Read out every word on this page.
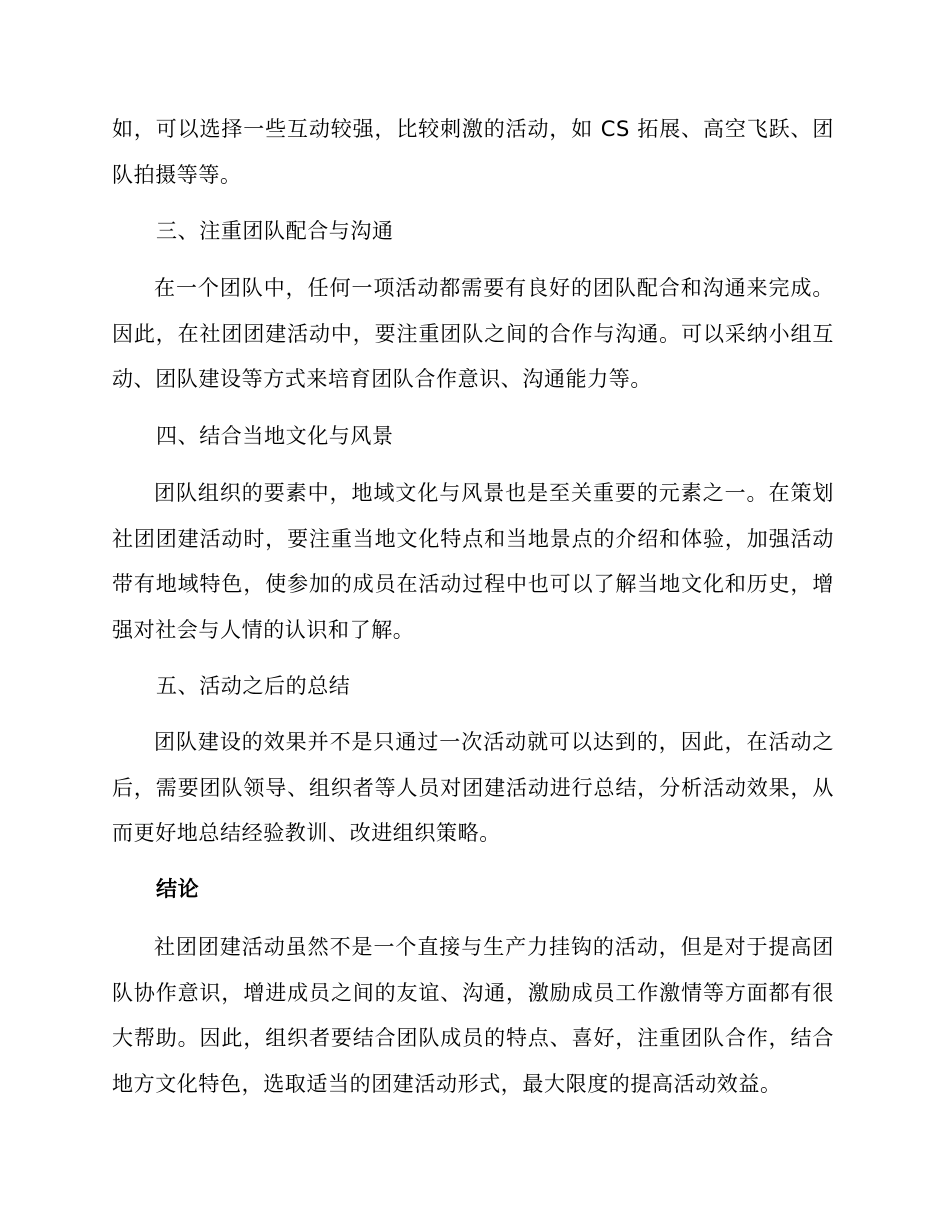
如，可以选择一些互动较强，比较刺激的活动，如 CS 拓展、高空飞跃、团队拍摄等等。

三、注重团队配合与沟通

在一个团队中，任何一项活动都需要有良好的团队配合和沟通来完成。因此，在社团团建活动中，要注重团队之间的合作与沟通。可以采纳小组互动、团队建设等方式来培育团队合作意识、沟通能力等。

四、结合当地文化与风景

团队组织的要素中，地域文化与风景也是至关重要的元素之一。在策划社团团建活动时，要注重当地文化特点和当地景点的介绍和体验，加强活动带有地域特色，使参加的成员在活动过程中也可以了解当地文化和历史，增强对社会与人情的认识和了解。

五、活动之后的总结

团队建设的效果并不是只通过一次活动就可以达到的，因此，在活动之后，需要团队领导、组织者等人员对团建活动进行总结，分析活动效果，从而更好地总结经验教训、改进组织策略。

结论

社团团建活动虽然不是一个直接与生产力挂钩的活动，但是对于提高团队协作意识，增进成员之间的友谊、沟通，激励成员工作激情等方面都有很大帮助。因此，组织者要结合团队成员的特点、喜好，注重团队合作，结合地方文化特色，选取适当的团建活动形式，最大限度的提高活动效益。
